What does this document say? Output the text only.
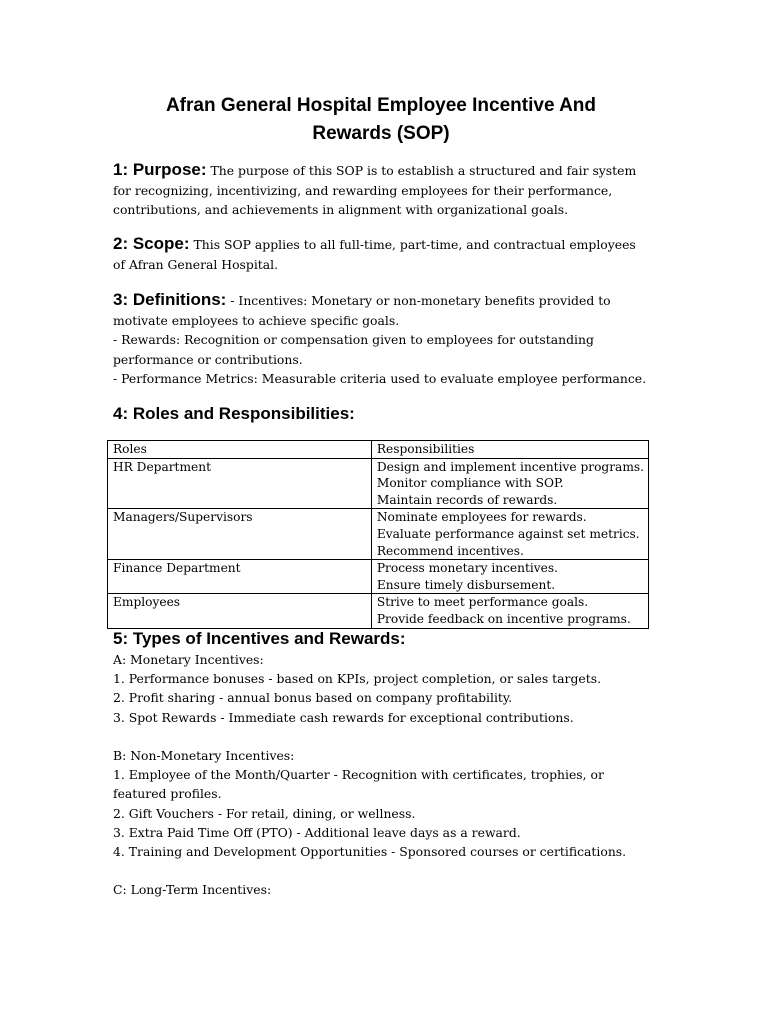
Afran General Hospital Employee Incentive And
Rewards (SOP)
1: Purpose: The purpose of this SOP is to establish a structured and fair system for recognizing, incentivizing, and rewarding employees for their performance, contributions, and achievements in alignment with organizational goals.
2: Scope: This SOP applies to all full-time, part-time, and contractual employees of Afran General Hospital.
3: Definitions: - Incentives: Monetary or non-monetary benefits provided to motivate employees to achieve specific goals.
- Rewards: Recognition or compensation given to employees for outstanding performance or contributions.
- Performance Metrics: Measurable criteria used to evaluate employee performance.
4: Roles and Responsibilities:
5: Types of Incentives and Rewards:
A: Monetary Incentives:
1. Performance bonuses - based on KPIs, project completion, or sales targets.
2. Profit sharing - annual bonus based on company profitability.
3. Spot Rewards - Immediate cash rewards for exceptional contributions.
B: Non-Monetary Incentives:
1. Employee of the Month/Quarter - Recognition with certificates, trophies, or featured profiles.
2. Gift Vouchers - For retail, dining, or wellness.
3. Extra Paid Time Off (PTO) - Additional leave days as a reward.
4. Training and Development Opportunities - Sponsored courses or certifications.
C: Long-Term Incentives:
Roles	Responsibilities
HR Department	Design and implement incentive programs.
Monitor compliance with SOP.
Maintain records of rewards.

Managers/Supervisors	Nominate employees for rewards.
Evaluate performance against set metrics.
Recommend incentives.

Finance Department	Process monetary incentives.
Ensure timely disbursement.

Employees	Strive to meet performance goals.
Provide feedback on incentive programs.
